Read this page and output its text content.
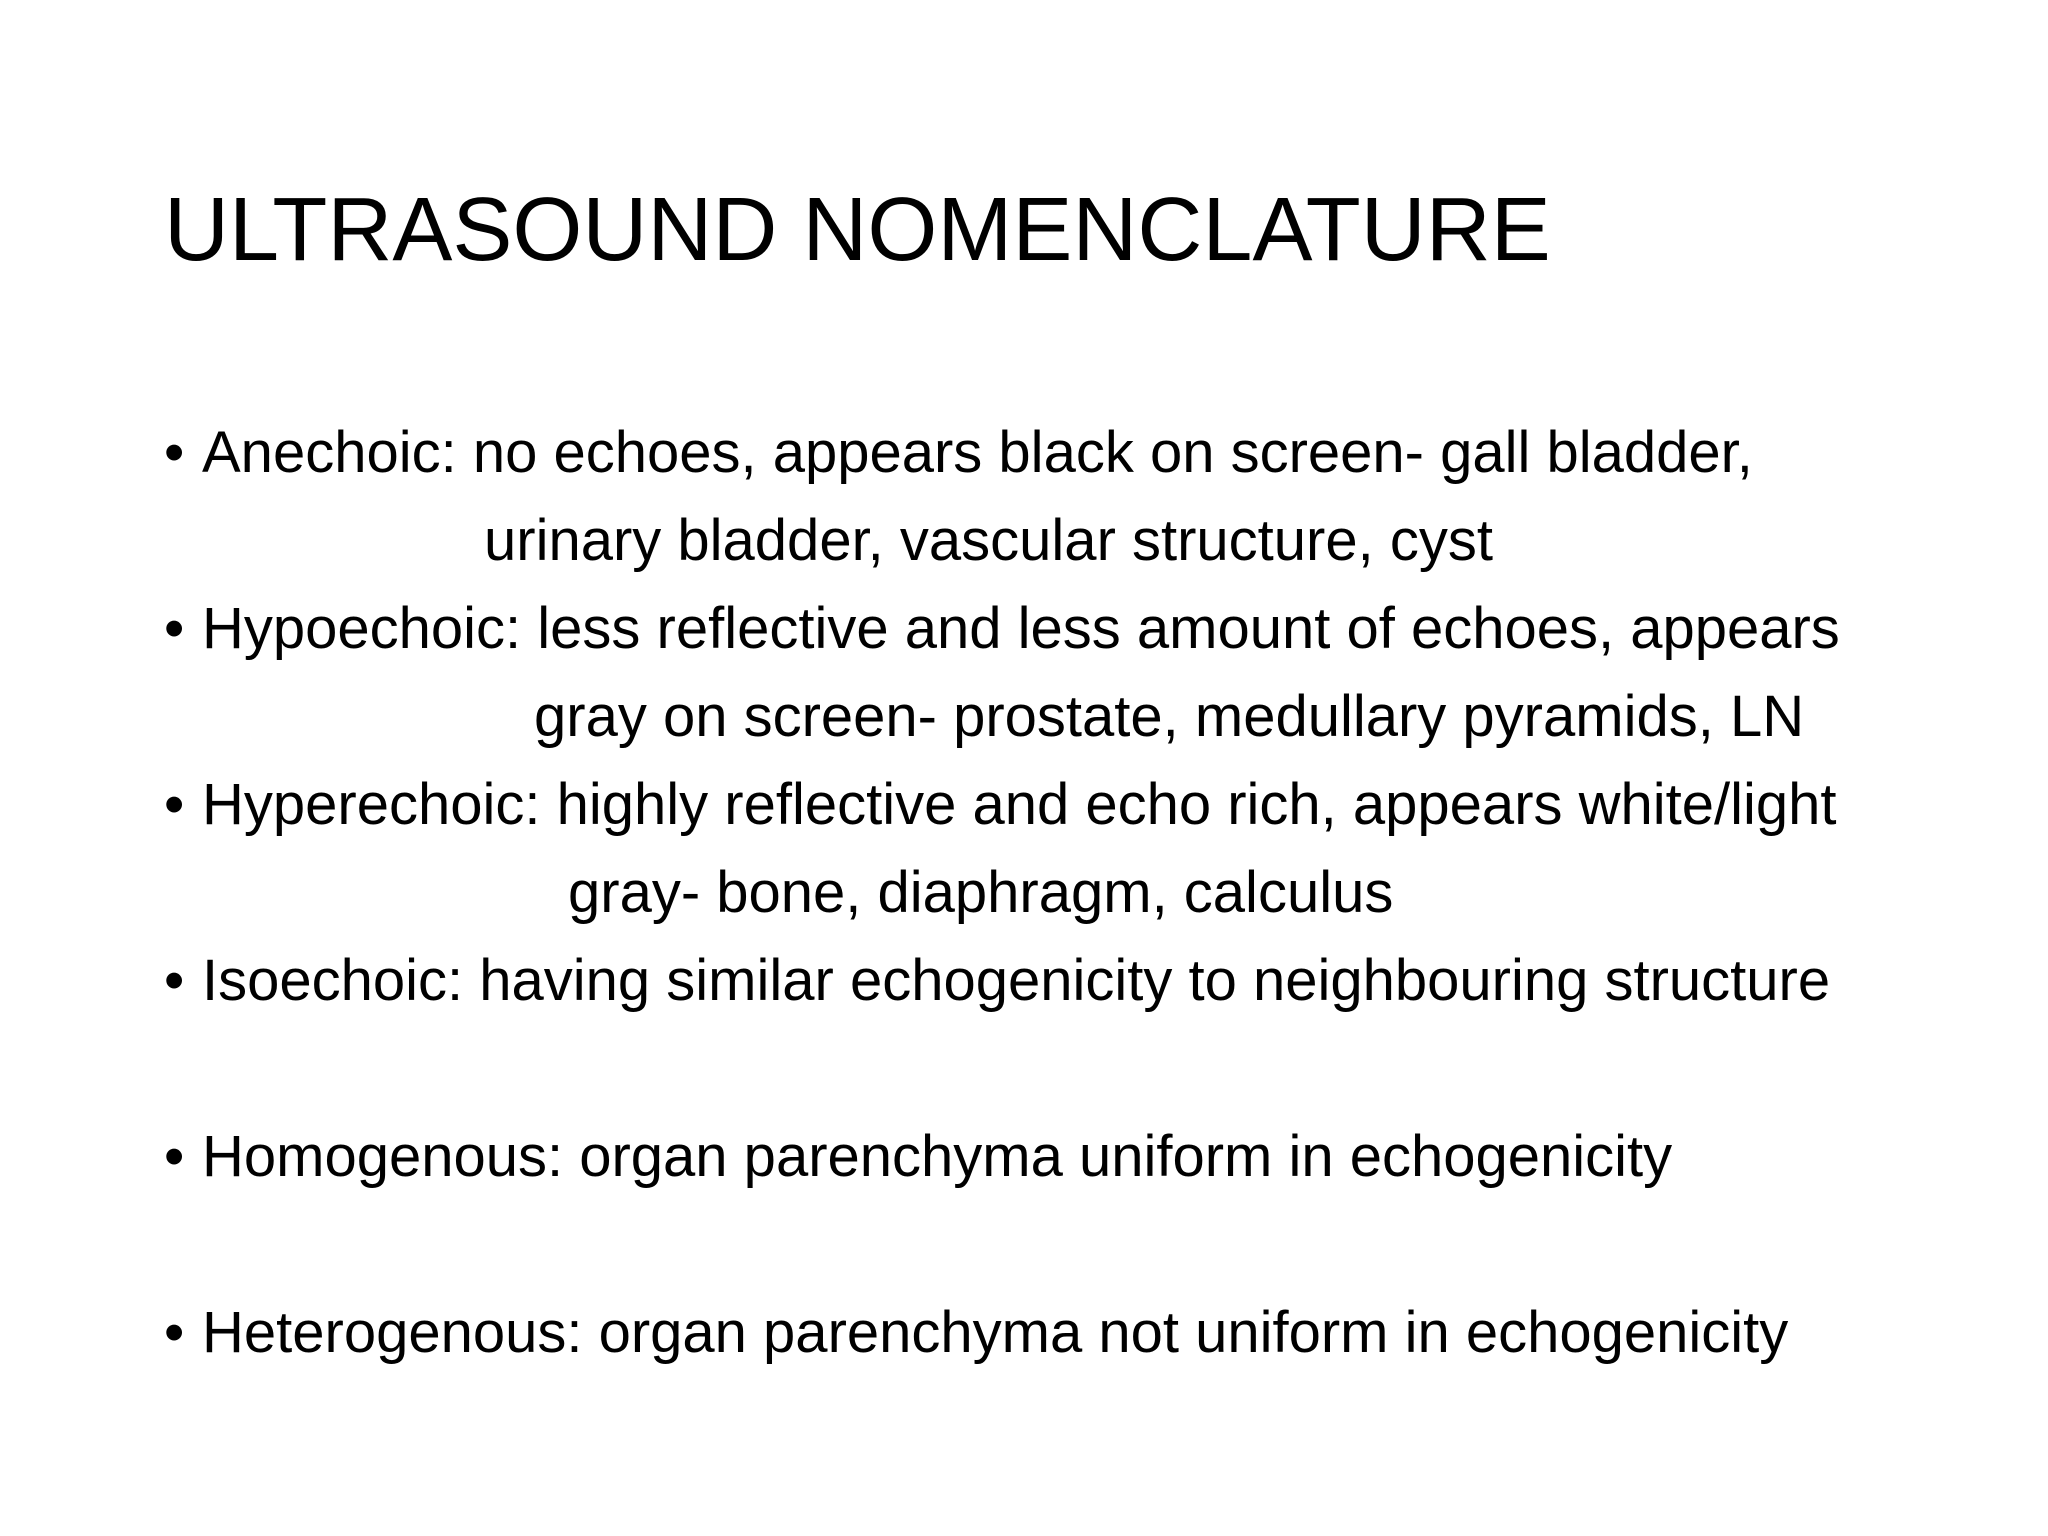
ULTRASOUND NOMENCLATURE

• Anechoic: no echoes, appears black on screen- gall bladder,

urinary bladder, vascular structure, cyst

• Hypoechoic: less reflective and less amount of echoes, appears

gray on screen- prostate, medullary pyramids, LN

• Hyperechoic: highly reflective and echo rich, appears white/light

gray- bone, diaphragm, calculus

• Isoechoic: having similar echogenicity to neighbouring structure

• Homogenous: organ parenchyma uniform in echogenicity

• Heterogenous: organ parenchyma not uniform in echogenicity
